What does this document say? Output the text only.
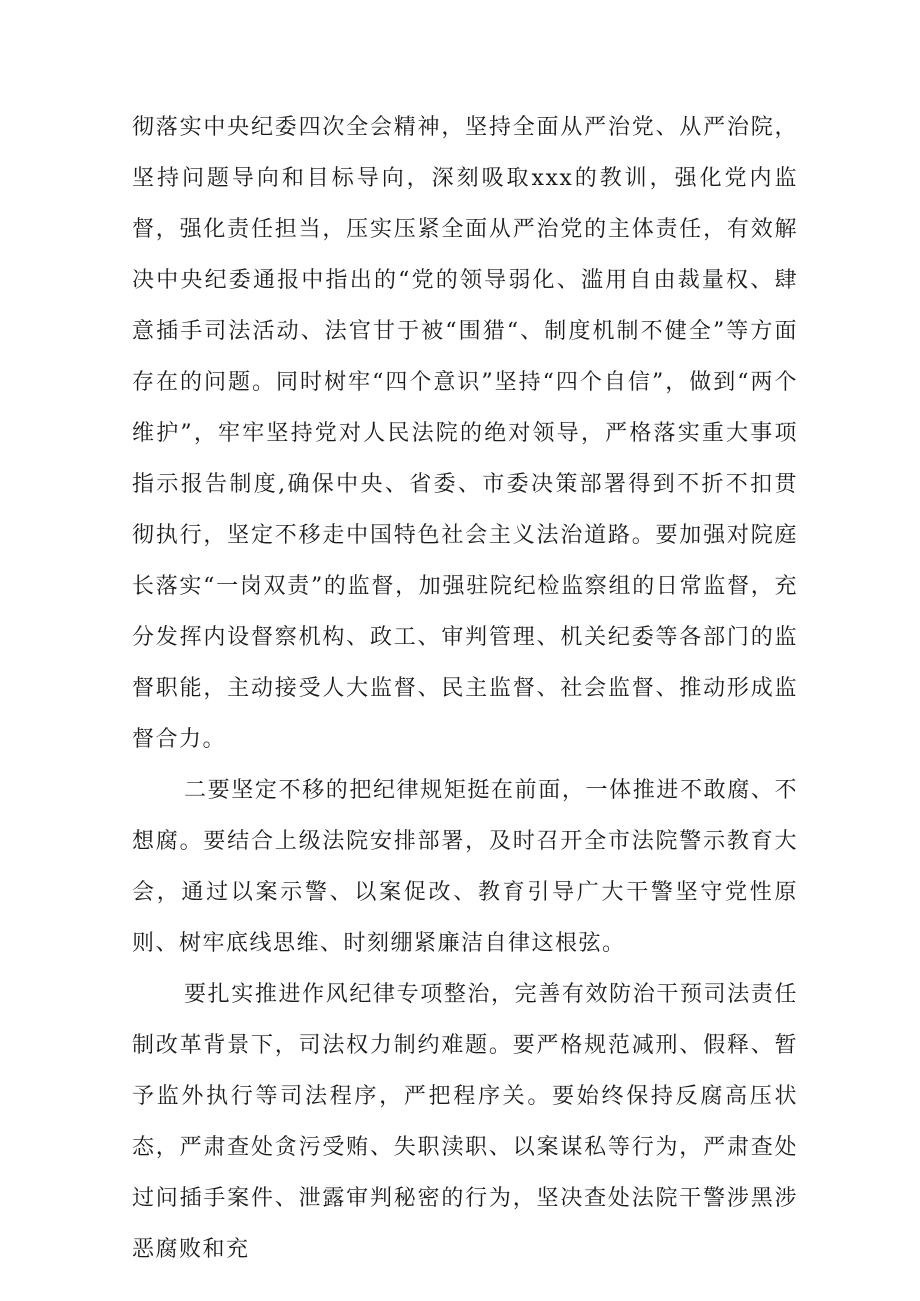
彻落实中央纪委四次全会精神，坚持全面从严治党、从严治院，坚持问题导向和目标导向，深刻吸取xxx的教训，强化党内监督，强化责任担当，压实压紧全面从严治党的主体责任，有效解决中央纪委通报中指出的“党的领导弱化、滥用自由裁量权、肆意插手司法活动、法官甘于被“围猎“、制度机制不健全”等方面存在的问题。同时树牢“四个意识”坚持“四个自信”，做到“两个维护”，牢牢坚持党对人民法院的绝对领导，严格落实重大事项指示报告制度,确保中央、省委、市委决策部署得到不折不扣贯彻执行，坚定不移走中国特色社会主义法治道路。要加强对院庭长落实“一岗双责”的监督，加强驻院纪检监察组的日常监督，充分发挥内设督察机构、政工、审判管理、机关纪委等各部门的监督职能，主动接受人大监督、民主监督、社会监督、推动形成监督合力。

二要坚定不移的把纪律规矩挺在前面，一体推进不敢腐、不想腐。要结合上级法院安排部署，及时召开全市法院警示教育大会，通过以案示警、以案促改、教育引导广大干警坚守党性原则、树牢底线思维、时刻绷紧廉洁自律这根弦。

要扎实推进作风纪律专项整治，完善有效防治干预司法责任制改革背景下，司法权力制约难题。要严格规范减刑、假释、暂予监外执行等司法程序，严把程序关。要始终保持反腐高压状态，严肃查处贪污受贿、失职渎职、以案谋私等行为，严肃查处过问插手案件、泄露审判秘密的行为，坚决查处法院干警涉黑涉恶腐败和充
